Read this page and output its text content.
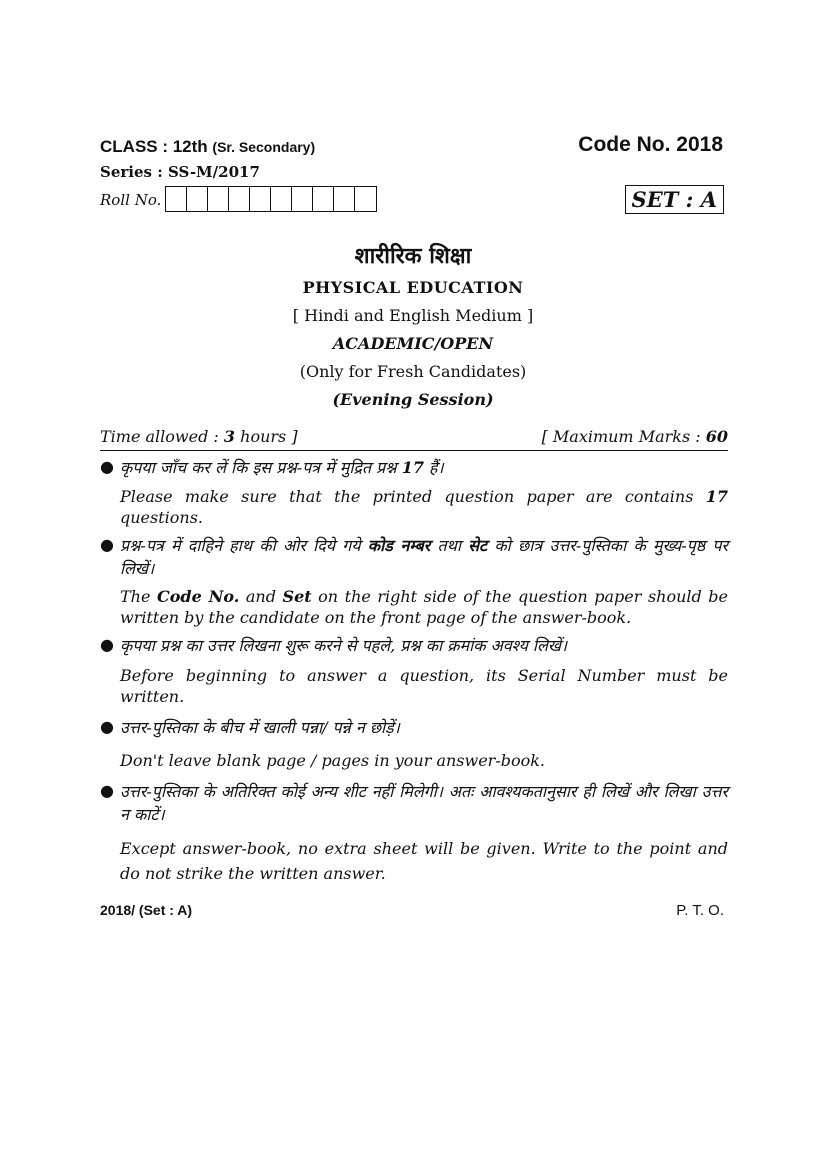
CLASS : 12th (Sr. Secondary)	Code No. 2018
Series : SS-M/2017
Roll No.	SET : A
शारीरिक शिक्षा
PHYSICAL EDUCATION
[ Hindi and English Medium ]
ACADEMIC/OPEN
(Only for Fresh Candidates)
(Evening Session)
Time allowed : 3 hours ]	[ Maximum Marks : 60
● कृपया जाँच कर लें कि इस प्रश्न-पत्र में मुद्रित प्रश्न 17 हैं।

Please make sure that the printed question paper are contains 17 questions.

● प्रश्न-पत्र में दाहिने हाथ की ओर दिये गये कोड नम्बर तथा सेट को छात्र उत्तर-पुस्तिका के मुख्य-पृष्ठ पर लिखें।

The Code No. and Set on the right side of the question paper should be written by the candidate on the front page of the answer-book.

● कृपया प्रश्न का उत्तर लिखना शुरू करने से पहले, प्रश्न का क्रमांक अवश्य लिखें।

Before beginning to answer a question, its Serial Number must be written.

● उत्तर-पुस्तिका के बीच में खाली पन्ना/ पन्ने न छोड़ें।

Don't leave blank page / pages in your answer-book.

● उत्तर-पुस्तिका के अतिरिक्त कोई अन्य शीट नहीं मिलेगी। अतः आवश्यकतानुसार ही लिखें और लिखा उत्तर न काटें।

Except answer-book, no extra sheet will be given. Write to the point and do not strike the written answer.

2018/ (Set : A)	P. T. O.
